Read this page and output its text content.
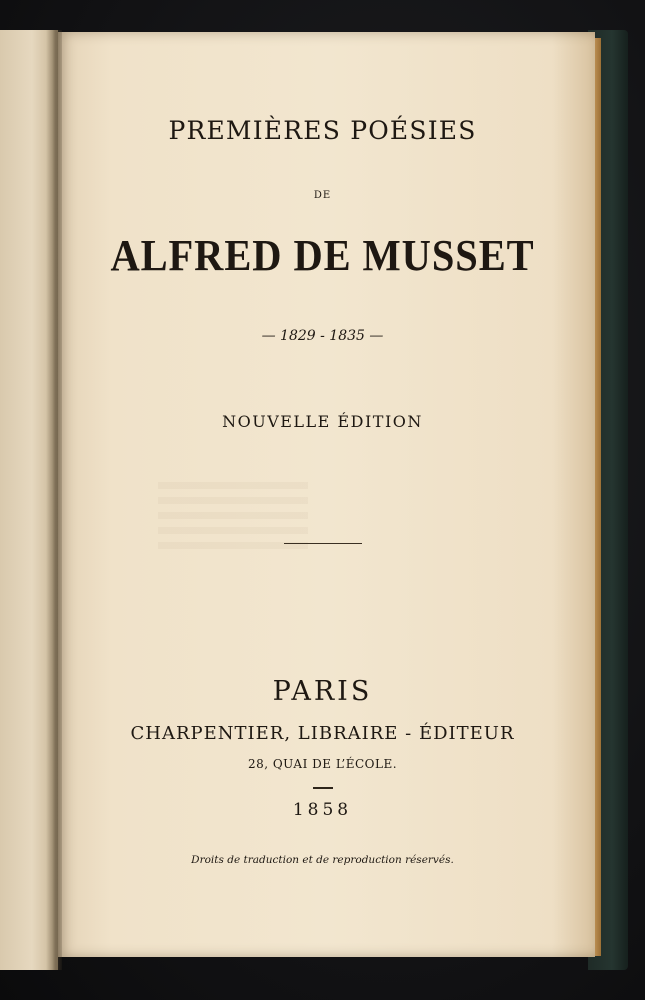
PREMIÈRES POÉSIES
DE
ALFRED DE MUSSET
— 1829 - 1835 —
NOUVELLE ÉDITION
PARIS
CHARPENTIER, LIBRAIRE - ÉDITEUR
28, QUAI DE L’ÉCOLE.
1858
Droits de traduction et de reproduction réservés.
